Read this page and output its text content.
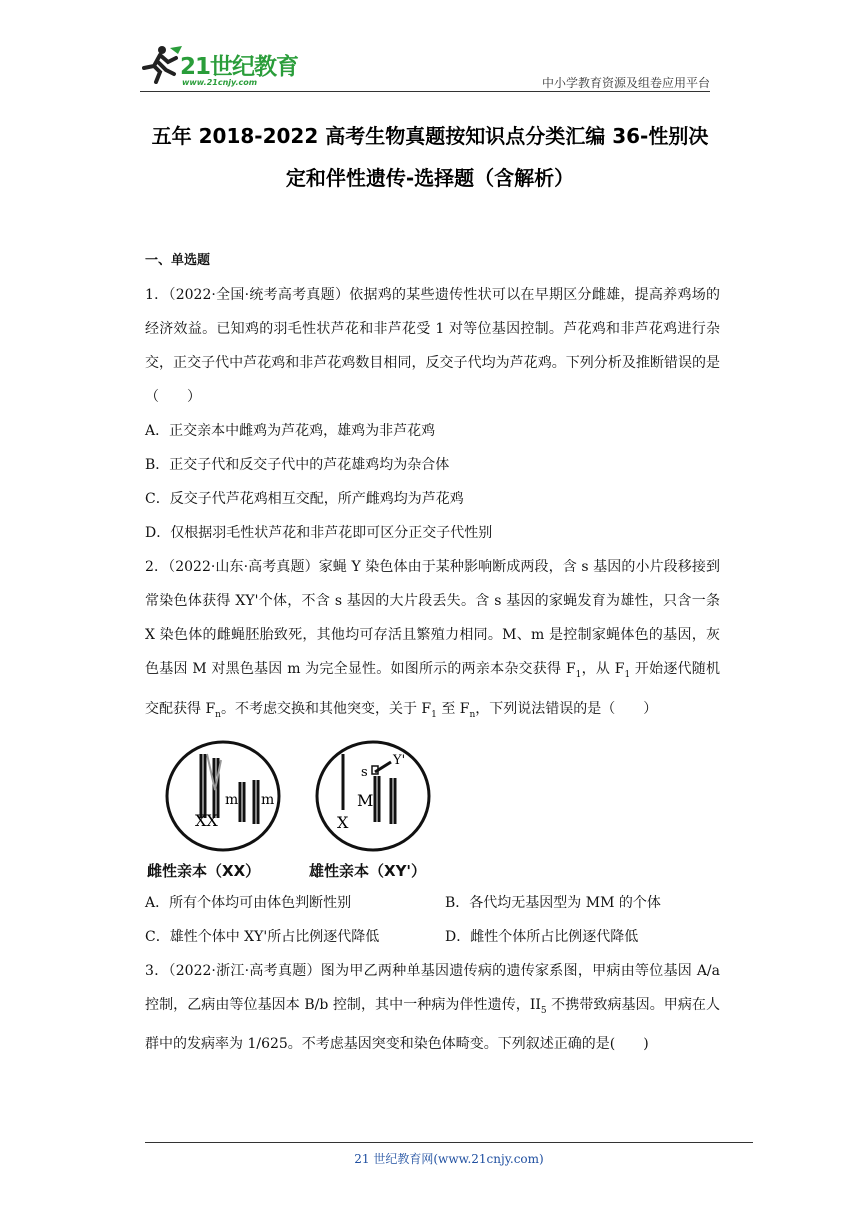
21世纪教育
www.21cnjy.com	中小学教育资源及组卷应用平台
五年 2018-2022 高考生物真题按知识点分类汇编 36-性别决
定和伴性遗传-选择题（含解析）

一、单选题

1．（2022·全国·统考高考真题）依据鸡的某些遗传性状可以在早期区分雌雄，提高养鸡场的经济效益。已知鸡的羽毛性状芦花和非芦花受 1 对等位基因控制。芦花鸡和非芦花鸡进行杂交，正交子代中芦花鸡和非芦花鸡数目相同，反交子代均为芦花鸡。下列分析及推断错误的是（　　）

A．正交亲本中雌鸡为芦花鸡，雄鸡为非芦花鸡

B．正交子代和反交子代中的芦花雄鸡均为杂合体

C．反交子代芦花鸡相互交配，所产雌鸡均为芦花鸡

D．仅根据羽毛性状芦花和非芦花即可区分正交子代性别

2．（2022·山东·高考真题）家蝇 Y 染色体由于某种影响断成两段，含 s 基因的小片段移接到常染色体获得 XY'个体，不含 s 基因的大片段丢失。含 s 基因的家蝇发育为雄性，只含一条 X 染色体的雌蝇胚胎致死，其他均可存活且繁殖力相同。M、m 是控制家蝇体色的基因，灰色基因 M 对黑色基因 m 为完全显性。如图所示的两亲本杂交获得 $F_1$，从 $F_1$ 开始逐代随机交配获得 $F_n$。不考虑交换和其他突变，关于 $F_1$ 至 $F_n$，下列说法错误的是（　　）

XX
m m
X
s
M
Y'
雌性亲本（XX）	雄性亲本（XY'）
A．所有个体均可由体色判断性别	B．各代均无基因型为 MM 的个体
C．雄性个体中 XY'所占比例逐代降低	D．雌性个体所占比例逐代降低

3．（2022·浙江·高考真题）图为甲乙两种单基因遗传病的遗传家系图，甲病由等位基因 A/a 控制，乙病由等位基因本 B/b 控制，其中一种病为伴性遗传，$II_5$ 不携带致病基因。甲病在人群中的发病率为 1/625。不考虑基因突变和染色体畸变。下列叙述正确的是(　　)

21 世纪教育网(www.21cnjy.com)
